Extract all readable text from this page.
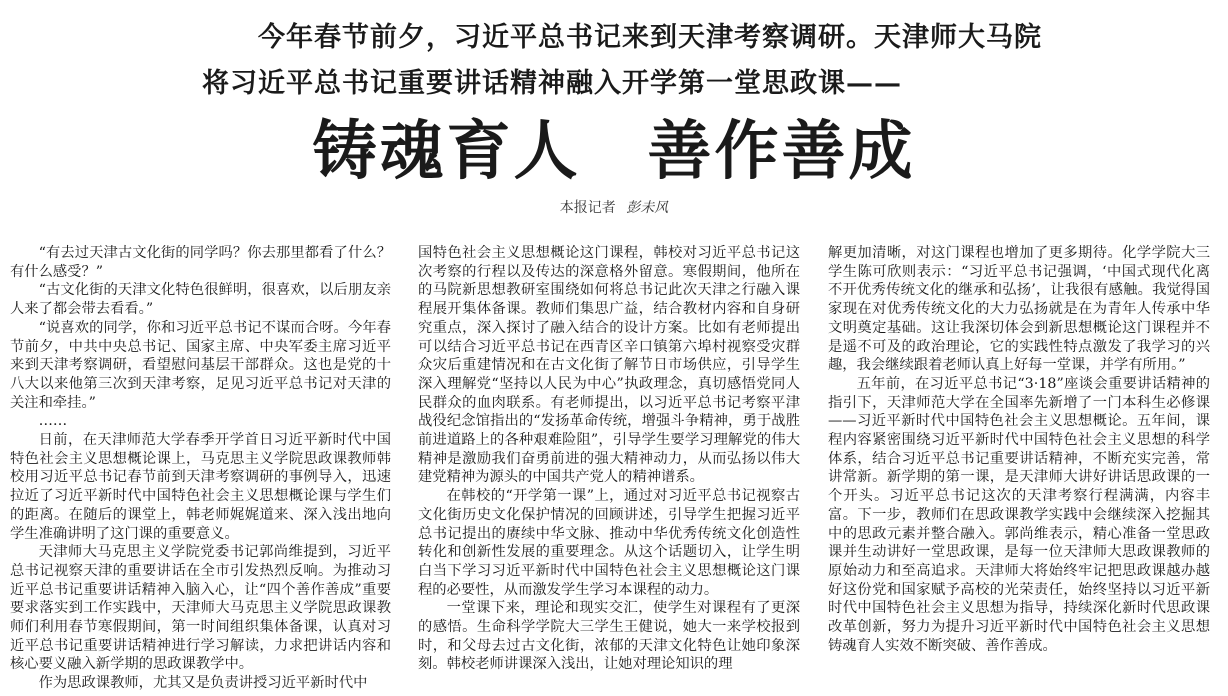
今年春节前夕，习近平总书记来到天津考察调研。天津师大马院
将习近平总书记重要讲话精神融入开学第一堂思政课——
铸魂育人　善作善成
本报记者 彭未风

“有去过天津古文化街的同学吗？你去那里都看了什么？有什么感受？”

“古文化街的天津文化特色很鲜明，很喜欢，以后朋友亲人来了都会带去看看。”

“说喜欢的同学，你和习近平总书记不谋而合呀。今年春节前夕，中共中央总书记、国家主席、中央军委主席习近平来到天津考察调研，看望慰问基层干部群众。这也是党的十八大以来他第三次到天津考察，足见习近平总书记对天津的关注和牵挂。”

……

日前，在天津师范大学春季开学首日习近平新时代中国特色社会主义思想概论课上，马克思主义学院思政课教师韩校用习近平总书记春节前到天津考察调研的事例导入，迅速拉近了习近平新时代中国特色社会主义思想概论课与学生们的距离。在随后的课堂上，韩老师娓娓道来、深入浅出地向学生准确讲明了这门课的重要意义。

天津师大马克思主义学院党委书记郭尚维提到，习近平总书记视察天津的重要讲话在全市引发热烈反响。为推动习近平总书记重要讲话精神入脑入心，让“四个善作善成”重要要求落实到工作实践中，天津师大马克思主义学院思政课教师们利用春节寒假期间，第一时间组织集体备课，认真对习近平总书记重要讲话精神进行学习解读，力求把讲话内容和核心要义融入新学期的思政课教学中。

作为思政课教师，尤其又是负责讲授习近平新时代中

国特色社会主义思想概论这门课程，韩校对习近平总书记这次考察的行程以及传达的深意格外留意。寒假期间，他所在的马院新思想教研室围绕如何将总书记此次天津之行融入课程展开集体备课。教师们集思广益，结合教材内容和自身研究重点，深入探讨了融入结合的设计方案。比如有老师提出可以结合习近平总书记在西青区辛口镇第六埠村视察受灾群众灾后重建情况和在古文化街了解节日市场供应，引导学生深入理解党“坚持以人民为中心”执政理念，真切感悟党同人民群众的血肉联系。有老师提出，以习近平总书记考察平津战役纪念馆指出的“发扬革命传统，增强斗争精神，勇于战胜前进道路上的各种艰难险阻”，引导学生要学习理解党的伟大精神是激励我们奋勇前进的强大精神动力，从而弘扬以伟大建党精神为源头的中国共产党人的精神谱系。

在韩校的“开学第一课”上，通过对习近平总书记视察古文化街历史文化保护情况的回顾讲述，引导学生把握习近平总书记提出的赓续中华文脉、推动中华优秀传统文化创造性转化和创新性发展的重要理念。从这个话题切入，让学生明白当下学习习近平新时代中国特色社会主义思想概论这门课程的必要性，从而激发学生学习本课程的动力。

一堂课下来，理论和现实交汇，使学生对课程有了更深的感悟。生命科学学院大三学生王健说，她大一来学校报到时，和父母去过古文化街，浓郁的天津文化特色让她印象深刻。韩校老师讲课深入浅出，让她对理论知识的理

解更加清晰，对这门课程也增加了更多期待。化学学院大三学生陈可欣则表示：“习近平总书记强调，‘中国式现代化离不开优秀传统文化的继承和弘扬’，让我很有感触。我觉得国家现在对优秀传统文化的大力弘扬就是在为青年人传承中华文明奠定基础。这让我深切体会到新思想概论这门课程并不是遥不可及的政治理论，它的实践性特点激发了我学习的兴趣，我会继续跟着老师认真上好每一堂课，并学有所用。”

五年前，在习近平总书记“3·18”座谈会重要讲话精神的指引下，天津师范大学在全国率先新增了一门本科生必修课——习近平新时代中国特色社会主义思想概论。五年间，课程内容紧密围绕习近平新时代中国特色社会主义思想的科学体系，结合习近平总书记重要讲话精神，不断充实完善，常讲常新。新学期的第一课，是天津师大讲好讲话思政课的一个开头。习近平总书记这次的天津考察行程满满，内容丰富。下一步，教师们在思政课教学实践中会继续深入挖掘其中的思政元素并整合融入。郭尚维表示，精心准备一堂思政课并生动讲好一堂思政课，是每一位天津师大思政课教师的原始动力和至高追求。天津师大将始终牢记把思政课越办越好这份党和国家赋予高校的光荣责任，始终坚持以习近平新时代中国特色社会主义思想为指导，持续深化新时代思政课改革创新，努力为提升习近平新时代中国特色社会主义思想铸魂育人实效不断突破、善作善成。
